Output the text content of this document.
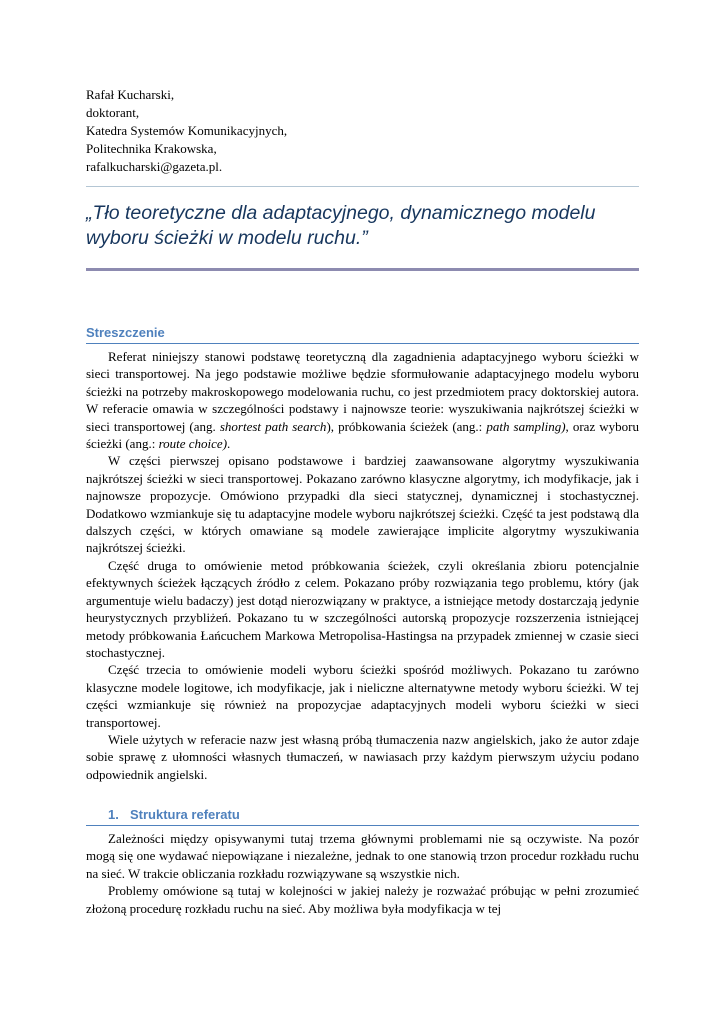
Rafał Kucharski,
doktorant,
Katedra Systemów Komunikacyjnych,
Politechnika Krakowska,
rafalkucharski@gazeta.pl.
„Tło teoretyczne dla adaptacyjnego, dynamicznego modelu wyboru ścieżki w modelu ruchu.”
Streszczenie

Referat niniejszy stanowi podstawę teoretyczną dla zagadnienia adaptacyjnego wyboru ścieżki w sieci transportowej. Na jego podstawie możliwe będzie sformułowanie adaptacyjnego modelu wyboru ścieżki na potrzeby makroskopowego modelowania ruchu, co jest przedmiotem pracy doktorskiej autora. W referacie omawia w szczególności podstawy i najnowsze teorie: wyszukiwania najkrótszej ścieżki w sieci transportowej (ang. shortest path search), próbkowania ścieżek (ang.: path sampling), oraz wyboru ścieżki (ang.: route choice).

W części pierwszej opisano podstawowe i bardziej zaawansowane algorytmy wyszukiwania najkrótszej ścieżki w sieci transportowej. Pokazano zarówno klasyczne algorytmy, ich modyfikacje, jak i najnowsze propozycje. Omówiono przypadki dla sieci statycznej, dynamicznej i stochastycznej. Dodatkowo wzmiankuje się tu adaptacyjne modele wyboru najkrótszej ścieżki. Część ta jest podstawą dla dalszych części, w których omawiane są modele zawierające implicite algorytmy wyszukiwania najkrótszej ścieżki.

Część druga to omówienie metod próbkowania ścieżek, czyli określania zbioru potencjalnie efektywnych ścieżek łączących źródło z celem. Pokazano próby rozwiązania tego problemu, który (jak argumentuje wielu badaczy) jest dotąd nierozwiązany w praktyce, a istniejące metody dostarczają jedynie heurystycznych przybliżeń. Pokazano tu w szczególności autorską propozycje rozszerzenia istniejącej metody próbkowania Łańcuchem Markowa Metropolisa-Hastingsa na przypadek zmiennej w czasie sieci stochastycznej.

Część trzecia to omówienie modeli wyboru ścieżki spośród możliwych. Pokazano tu zarówno klasyczne modele logitowe, ich modyfikacje, jak i nieliczne alternatywne metody wyboru ścieżki. W tej części wzmiankuje się również na propozycjae adaptacyjnych modeli wyboru ścieżki w sieci transportowej.

Wiele użytych w referacie nazw jest własną próbą tłumaczenia nazw angielskich, jako że autor zdaje sobie sprawę z ułomności własnych tłumaczeń, w nawiasach przy każdym pierwszym użyciu podano odpowiednik angielski.

1. Struktura referatu

Zależności między opisywanymi tutaj trzema głównymi problemami nie są oczywiste. Na pozór mogą się one wydawać niepowiązane i niezależne, jednak to one stanowią trzon procedur rozkładu ruchu na sieć. W trakcie obliczania rozkładu rozwiązywane są wszystkie nich.

Problemy omówione są tutaj w kolejności w jakiej należy je rozważać próbując w pełni zrozumieć złożoną procedurę rozkładu ruchu na sieć. Aby możliwa była modyfikacja w tej
